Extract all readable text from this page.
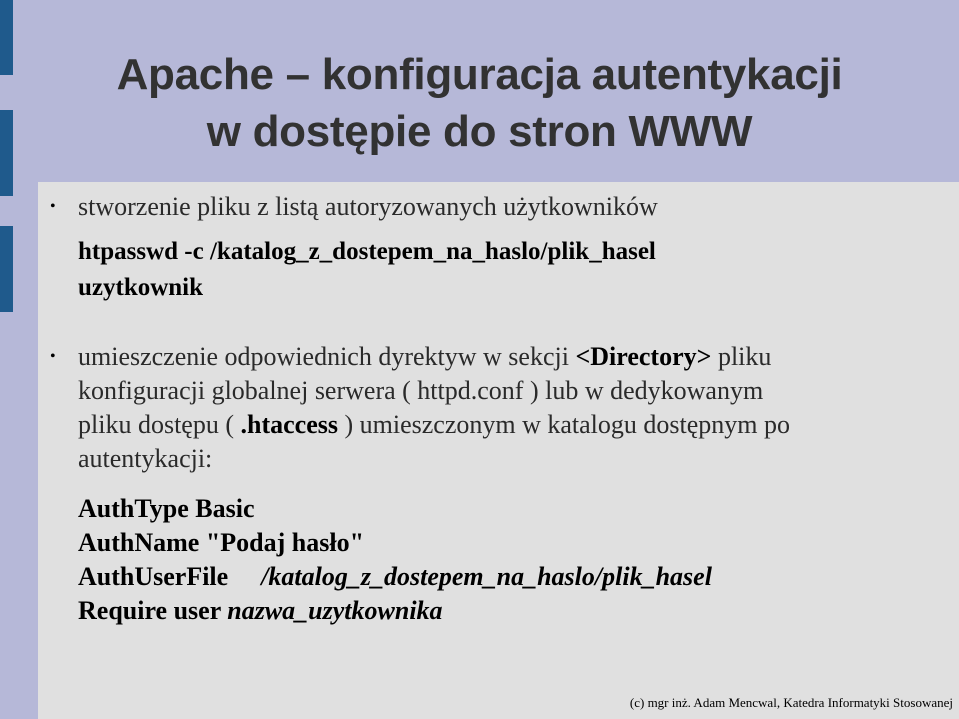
Apache – konfiguracja autentykacji
w dostępie do stron WWW
• stworzenie pliku z listą autoryzowanych użytkowników
htpasswd -c /katalog_z_dostepem_na_haslo/plik_hasel
uzytkownik
• umieszczenie odpowiednich dyrektyw w sekcji <Directory> pliku
konfiguracji globalnej serwera ( httpd.conf ) lub w dedykowanym
pliku dostępu ( .htaccess ) umieszczonym w katalogu dostępnym po
autentykacji:
AuthType Basic
AuthName "Podaj hasło"
AuthUserFile /katalog_z_dostepem_na_haslo/plik_hasel
Require user nazwa_uzytkownika
(c) mgr inż. Adam Mencwal, Katedra Informatyki Stosowanej
